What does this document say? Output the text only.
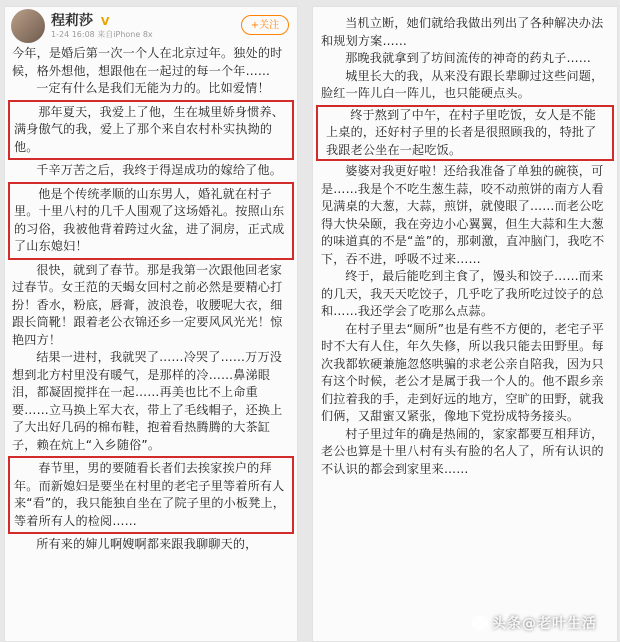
程莉莎 V
1-24 16:08 来自iPhone 8x
+关注
今年，是婚后第一次一个人在北京过年。独处的时候，格外想他，想跟他在一起过的每一个年……
一定有什么是我们无能为力的。比如爱情！
那年夏天，我爱上了他，生在城里娇身惯养、满身傲气的我，爱上了那个来自农村朴实执拗的他。
千辛万苦之后，我终于得逞成功的嫁给了他。
他是个传统孝顺的山东男人，婚礼就在村子里。十里八村的几千人围观了这场婚礼。按照山东的习俗，我被他背着跨过火盆，进了洞房，正式成了山东媳妇！
很快，就到了春节。那是我第一次跟他回老家过春节。女王范的天蝎女回村之前必然是要精心打扮！香水，粉底，唇膏，波浪卷，收腰呢大衣，细跟长筒靴！跟着老公衣锦还乡一定要风风光光！惊艳四方！
结果一进村，我就哭了……冷哭了……万万没想到北方村里没有暖气，是那样的冷……鼻涕眼泪，都凝固搅拌在一起……再美也比不上命重要……立马换上军大衣，带上了毛线帽子，还换上了大出好几码的棉布鞋，抱着看热腾腾的大茶缸子，赖在炕上“入乡随俗”。
春节里，男的要随看长者们去挨家挨户的拜年。而新媳妇是要坐在村里的老宅子里等着所有人来“看”的，我只能独自坐在了院子里的小板凳上，等着所有人的检阅……
所有来的婶儿啊嫂啊都来跟我聊聊天的，
当机立断，她们就给我做出列出了各种解决办法和规划方案……
那晚我就拿到了坊间流传的神奇的药丸子……
城里长大的我，从来没有跟长辈聊过这些问题，脸红一阵儿白一阵儿，也只能硬点头。
终于熬到了中午，在村子里吃饭，女人是不能上桌的，还好村子里的长者是很照顾我的，特批了我跟老公坐在一起吃饭。
婆婆对我更好啦！还给我准备了单独的碗筷，可是……我是个不吃生葱生蒜，咬不动煎饼的南方人看见满桌的大葱，大蒜，煎饼，就傻眼了……而老公吃得大快朵颐，我在旁边小心翼翼，但生大蒜和生大葱的味道真的不是“盖”的，那刺激，直冲脑门，我吃不下，吞不进，呼吸不过来……
终于，最后能吃到主食了，馒头和饺子……而来的几天，我天天吃饺子，几乎吃了我所吃过饺子的总和……我还学会了吃那么点蒜。
在村子里去“厕所”也是有些不方便的，老宅子平时不大有人住，年久失修，所以我只能去田野里。每次我都软硬兼施忽悠哄骗的求老公亲自陪我，因为只有这个时候，老公才是属于我一个人的。他不跟乡亲们拉着我的手，走到好远的地方，空旷的田野，就我们俩，又甜蜜又紧张，像地下党扮成特务接头。
村子里过年的确是热闹的，家家都要互相拜访，老公也算是十里八村有头有脸的名人了，所有认识的不认识的都会到家里来……
头条@老叶生活
